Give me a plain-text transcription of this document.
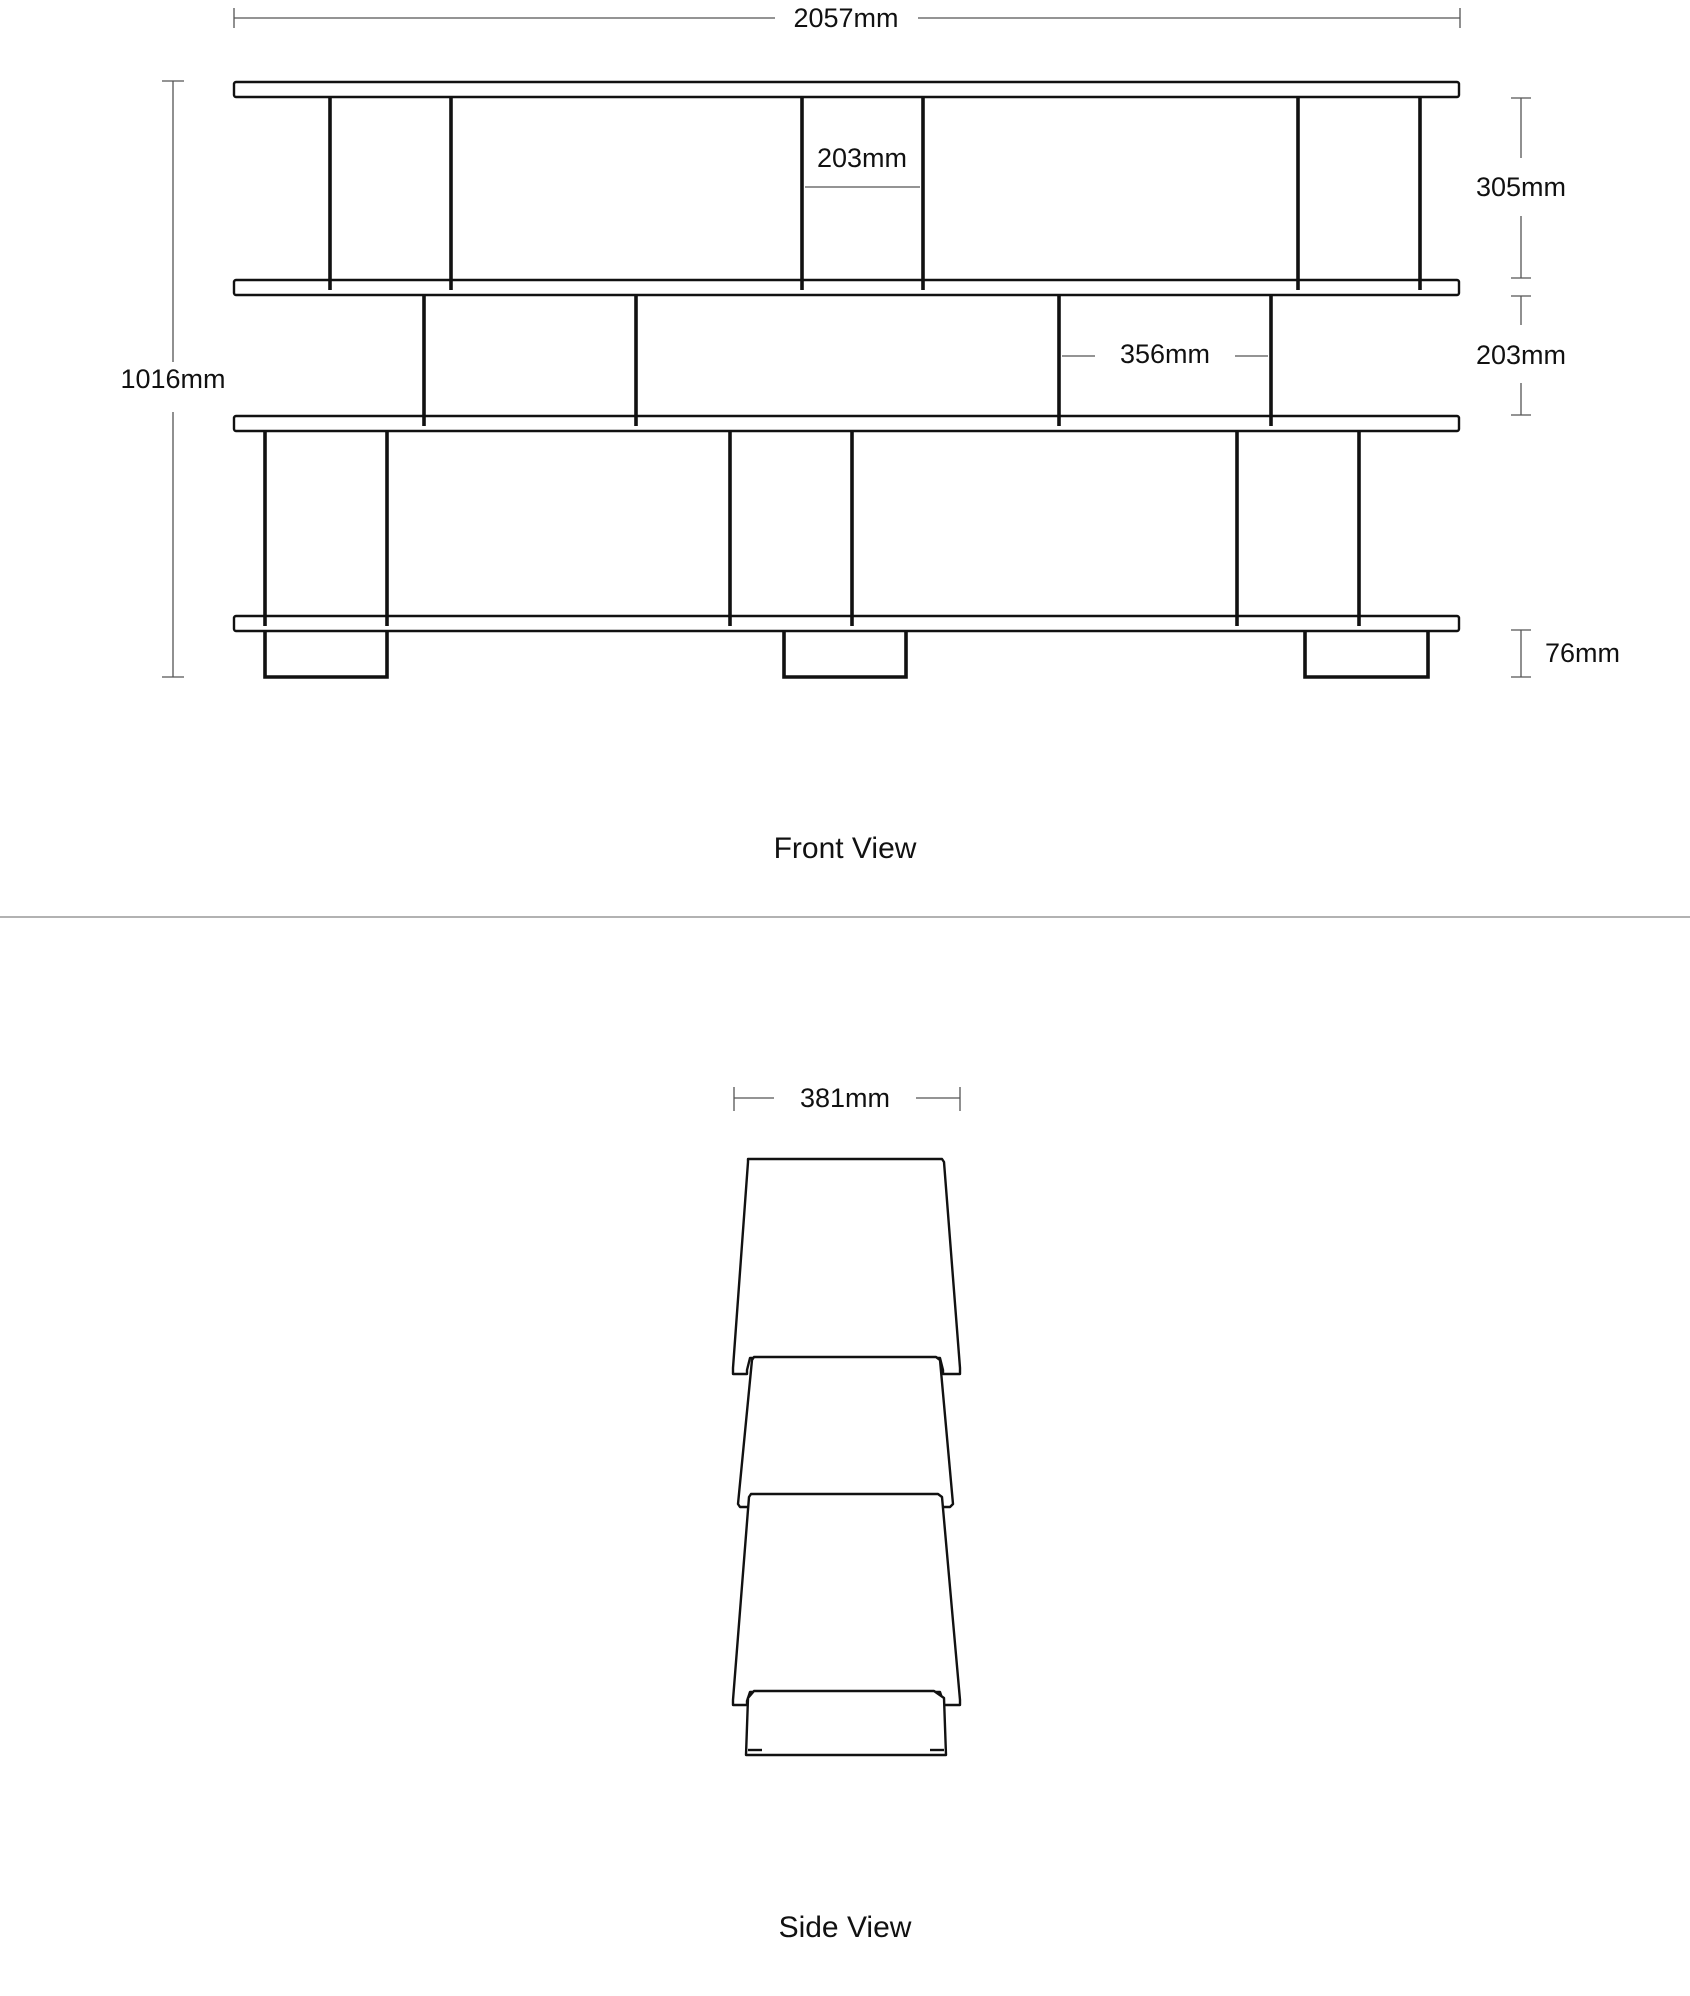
2057mm
1016mm
203mm
356mm
305mm
203mm
76mm
Front View
381mm
Side View
